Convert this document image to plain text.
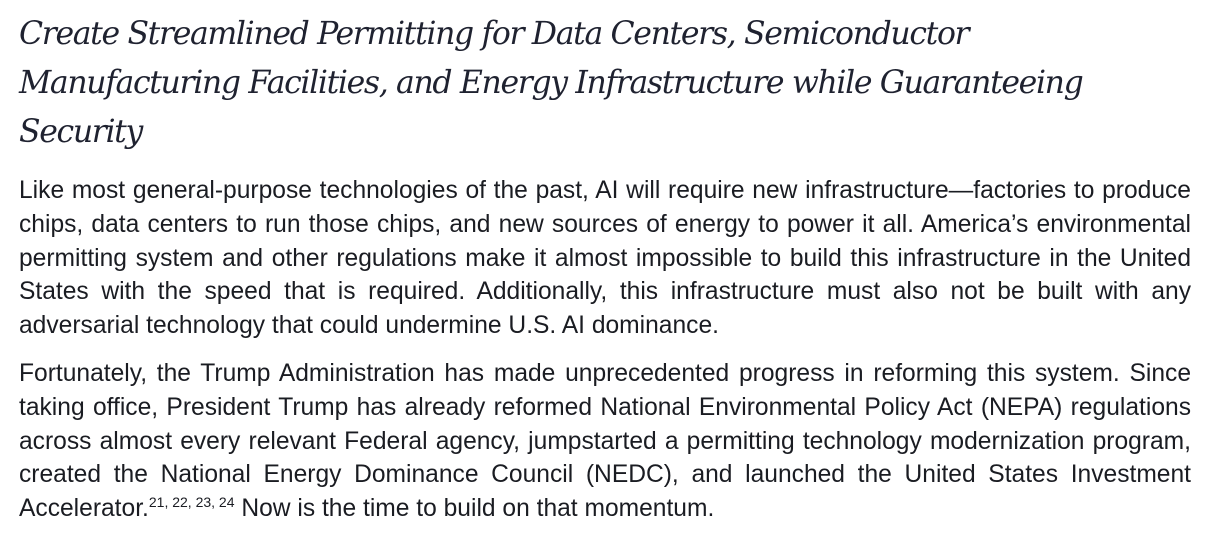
Create Streamlined Permitting for Data Centers, Semiconductor Manufacturing Facilities, and Energy Infrastructure while Guaranteeing Security

Like most general-purpose technologies of the past, AI will require new infrastructure—factories to produce chips, data centers to run those chips, and new sources of energy to power it all. America’s environmental permitting system and other regulations make it almost impossible to build this infrastructure in the United States with the speed that is required. Additionally, this infrastructure must also not be built with any adversarial technology that could undermine U.S. AI dominance.

Fortunately, the Trump Administration has made unprecedented progress in reforming this system. Since taking office, President Trump has already reformed National Environmental Policy Act (NEPA) regulations across almost every relevant Federal agency, jumpstarted a permitting technology modernization program, created the National Energy Dominance Council (NEDC), and launched the United States Investment Accelerator.$^{21, 22, 23, 24}$ Now is the time to build on that momentum.
